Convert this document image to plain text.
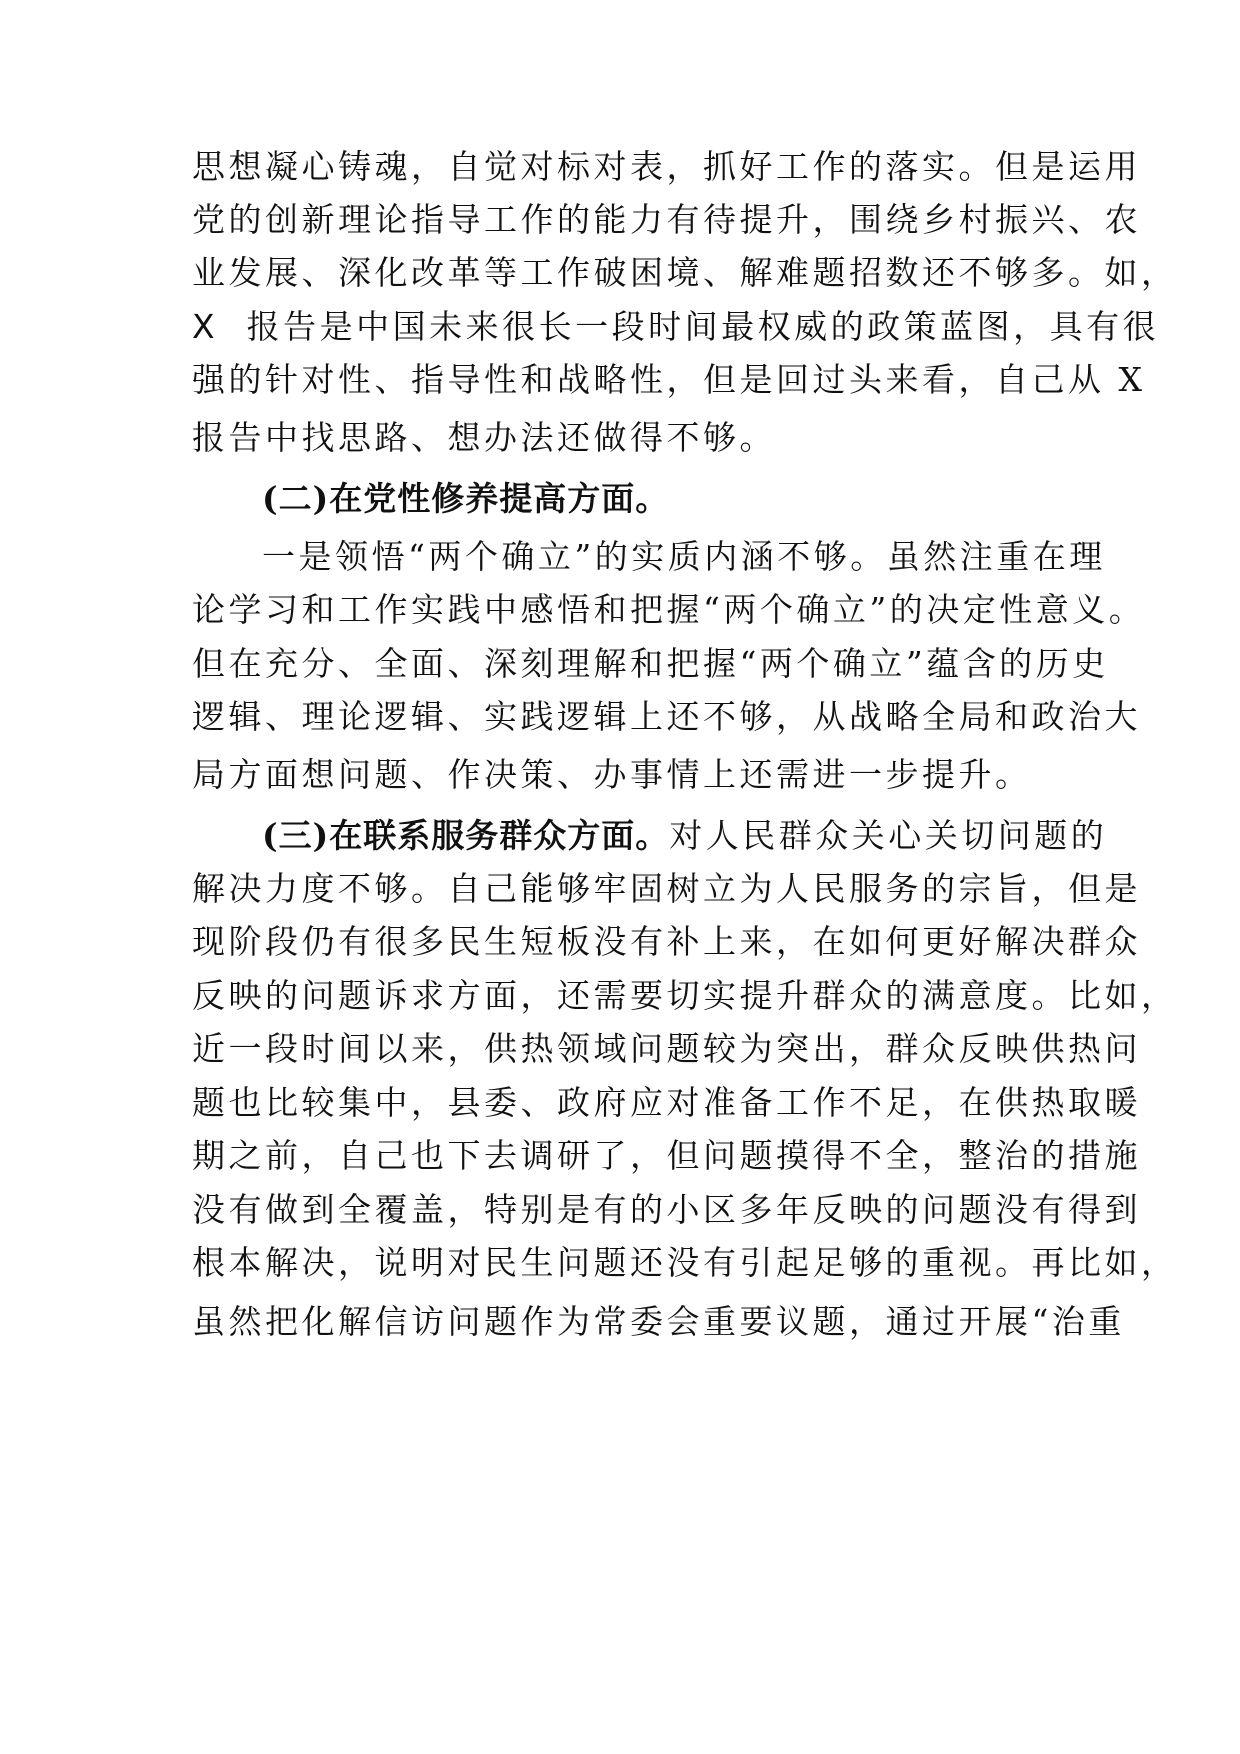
思想凝心铸魂，自觉对标对表，抓好工作的落实。但是运用
党的创新理论指导工作的能力有待提升，围绕乡村振兴、农
业发展、深化改革等工作破困境、解难题招数还不够多。如，
X 报告是中国未来很长一段时间最权威的政策蓝图，具有很
强的针对性、指导性和战略性，但是回过头来看，自己从 X
报告中找思路、想办法还做得不够。
(二)在党性修养提高方面。
一是领悟“两个确立”的实质内涵不够。虽然注重在理
论学习和工作实践中感悟和把握“两个确立”的决定性意义。
但在充分、全面、深刻理解和把握“两个确立”蕴含的历史
逻辑、理论逻辑、实践逻辑上还不够，从战略全局和政治大
局方面想问题、作决策、办事情上还需进一步提升。
(三)在联系服务群众方面。对人民群众关心关切问题的
解决力度不够。自己能够牢固树立为人民服务的宗旨，但是
现阶段仍有很多民生短板没有补上来，在如何更好解决群众
反映的问题诉求方面，还需要切实提升群众的满意度。比如，
近一段时间以来，供热领域问题较为突出，群众反映供热问
题也比较集中，县委、政府应对准备工作不足，在供热取暖
期之前，自己也下去调研了，但问题摸得不全，整治的措施
没有做到全覆盖，特别是有的小区多年反映的问题没有得到
根本解决，说明对民生问题还没有引起足够的重视。再比如，
虽然把化解信访问题作为常委会重要议题，通过开展“治重
